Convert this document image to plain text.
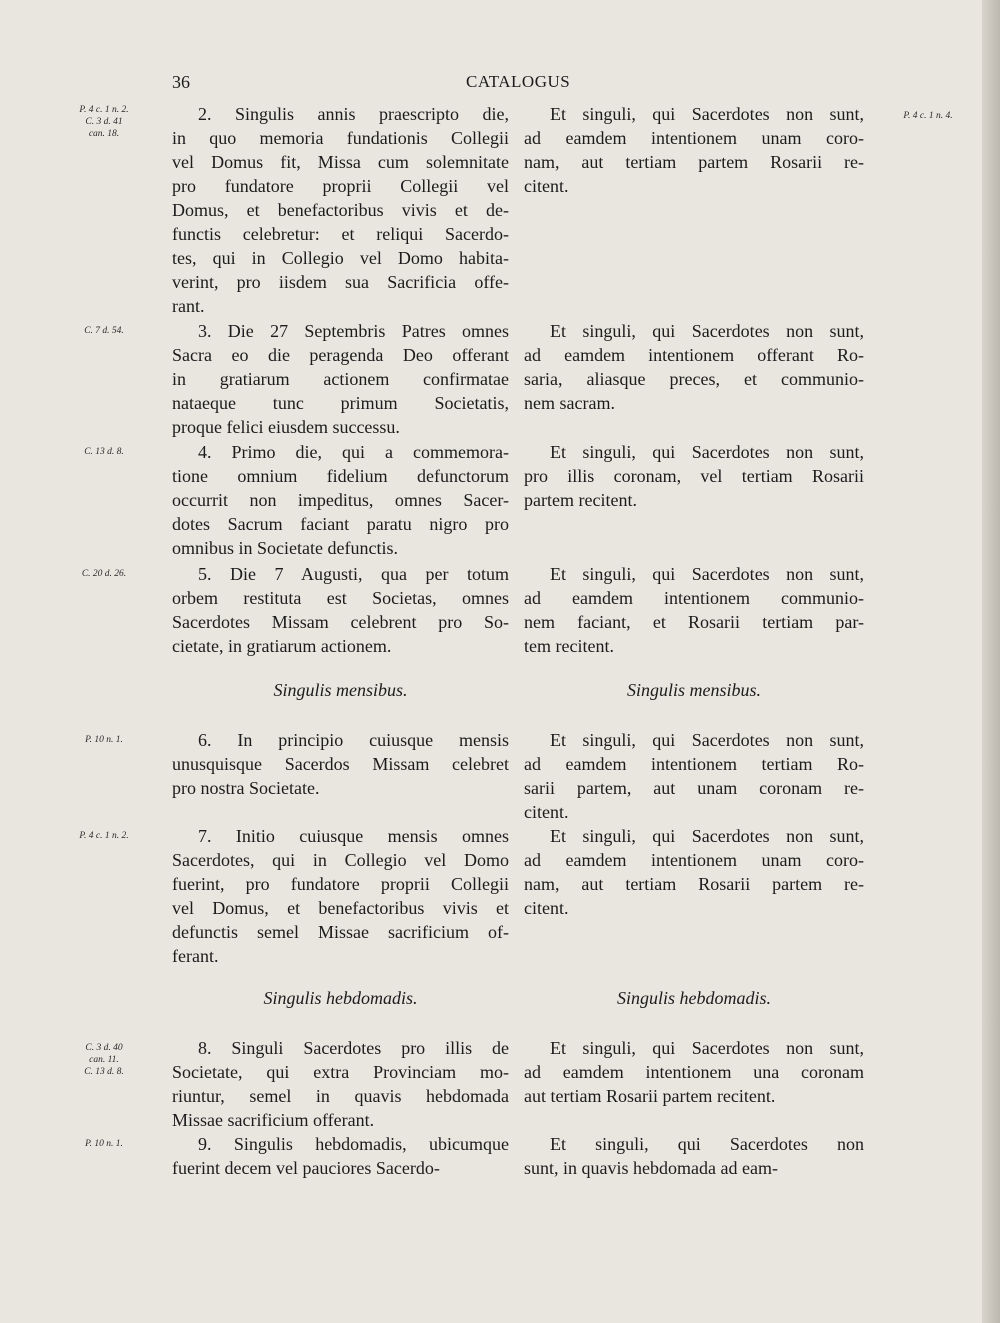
36	CATALOGUS
P. 4 c. 1 n. 2.
C. 3 d. 41
can. 18.
C. 7 d. 54.
C. 13 d. 8.
C. 20 d. 26.
P. 10 n. 1.
P. 4 c. 1 n. 2.
C. 3 d. 40
can. 11.
C. 13 d. 8.
P. 10 n. 1.
P. 4 c. 1 n. 4.
2. Singulis annis praescripto die,
in quo memoria fundationis Collegii
vel Domus fit, Missa cum solemnitate
pro fundatore proprii Collegii vel
Domus, et benefactoribus vivis et de-
functis celebretur: et reliqui Sacerdo-
tes, qui in Collegio vel Domo habita-
verint, pro iisdem sua Sacrificia offe-
rant.
3. Die 27 Septembris Patres omnes
Sacra eo die peragenda Deo offerant
in gratiarum actionem confirmatae
nataeque tunc primum Societatis,
proque felici eiusdem successu.
4. Primo die, qui a commemora-
tione omnium fidelium defunctorum
occurrit non impeditus, omnes Sacer-
dotes Sacrum faciant paratu nigro pro
omnibus in Societate defunctis.
5. Die 7 Augusti, qua per totum
orbem restituta est Societas, omnes
Sacerdotes Missam celebrent pro So-
cietate, in gratiarum actionem.
Singulis mensibus.
6. In principio cuiusque mensis
unusquisque Sacerdos Missam celebret
pro nostra Societate.
7. Initio cuiusque mensis omnes
Sacerdotes, qui in Collegio vel Domo
fuerint, pro fundatore proprii Collegii
vel Domus, et benefactoribus vivis et
defunctis semel Missae sacrificium of-
ferant.
Singulis hebdomadis.
8. Singuli Sacerdotes pro illis de
Societate, qui extra Provinciam mo-
riuntur, semel in quavis hebdomada
Missae sacrificium offerant.
9. Singulis hebdomadis, ubicumque
fuerint decem vel pauciores Sacerdo-
Et singuli, qui Sacerdotes non sunt,
ad eamdem intentionem unam coro-
nam, aut tertiam partem Rosarii re-
citent.
Et singuli, qui Sacerdotes non sunt,
ad eamdem intentionem offerant Ro-
saria, aliasque preces, et communio-
nem sacram.
Et singuli, qui Sacerdotes non sunt,
pro illis coronam, vel tertiam Rosarii
partem recitent.
Et singuli, qui Sacerdotes non sunt,
ad eamdem intentionem communio-
nem faciant, et Rosarii tertiam par-
tem recitent.
Singulis mensibus.
Et singuli, qui Sacerdotes non sunt,
ad eamdem intentionem tertiam Ro-
sarii partem, aut unam coronam re-
citent.
Et singuli, qui Sacerdotes non sunt,
ad eamdem intentionem unam coro-
nam, aut tertiam Rosarii partem re-
citent.
Singulis hebdomadis.
Et singuli, qui Sacerdotes non sunt,
ad eamdem intentionem una coronam
aut tertiam Rosarii partem recitent.
Et singuli, qui Sacerdotes non
sunt, in quavis hebdomada ad eam-
